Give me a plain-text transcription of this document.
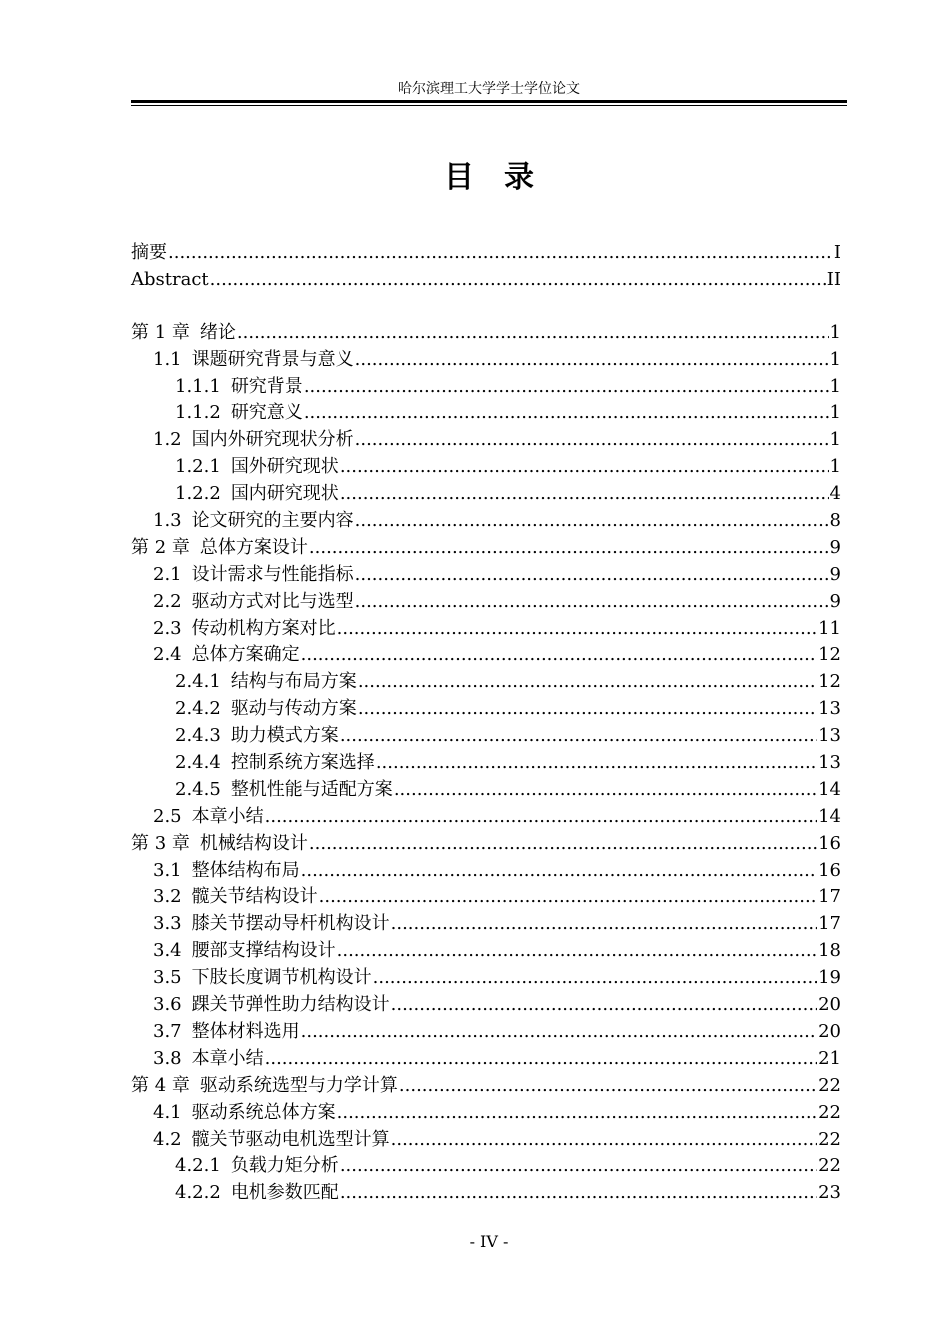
哈尔滨理工大学学士学位论文
目录
摘要 .....	I
Abstract .....	II
第 1 章 绪论 .....	1
1.1 课题研究背景与意义 .....	1
1.1.1 研究背景 .....	1
1.1.2 研究意义 .....	1
1.2 国内外研究现状分析 .....	1
1.2.1 国外研究现状 .....	1
1.2.2 国内研究现状 .....	4
1.3 论文研究的主要内容 .....	8
第 2 章 总体方案设计 .....	9
2.1 设计需求与性能指标 .....	9
2.2 驱动方式对比与选型 .....	9
2.3 传动机构方案对比 .....	11
2.4 总体方案确定 .....	12
2.4.1 结构与布局方案 .....	12
2.4.2 驱动与传动方案 .....	13
2.4.3 助力模式方案 .....	13
2.4.4 控制系统方案选择 .....	13
2.4.5 整机性能与适配方案 .....	14
2.5 本章小结 .....	14
第 3 章 机械结构设计 .....	16
3.1 整体结构布局 .....	16
3.2 髋关节结构设计 .....	17
3.3 膝关节摆动导杆机构设计 .....	17
3.4 腰部支撑结构设计 .....	18
3.5 下肢长度调节机构设计 .....	19
3.6 踝关节弹性助力结构设计 .....	20
3.7 整体材料选用 .....	20
3.8 本章小结 .....	21
第 4 章 驱动系统选型与力学计算 .....	22
4.1 驱动系统总体方案 .....	22
4.2 髋关节驱动电机选型计算 .....	22
4.2.1 负载力矩分析 .....	22
4.2.2 电机参数匹配 .....	23
- IV -
